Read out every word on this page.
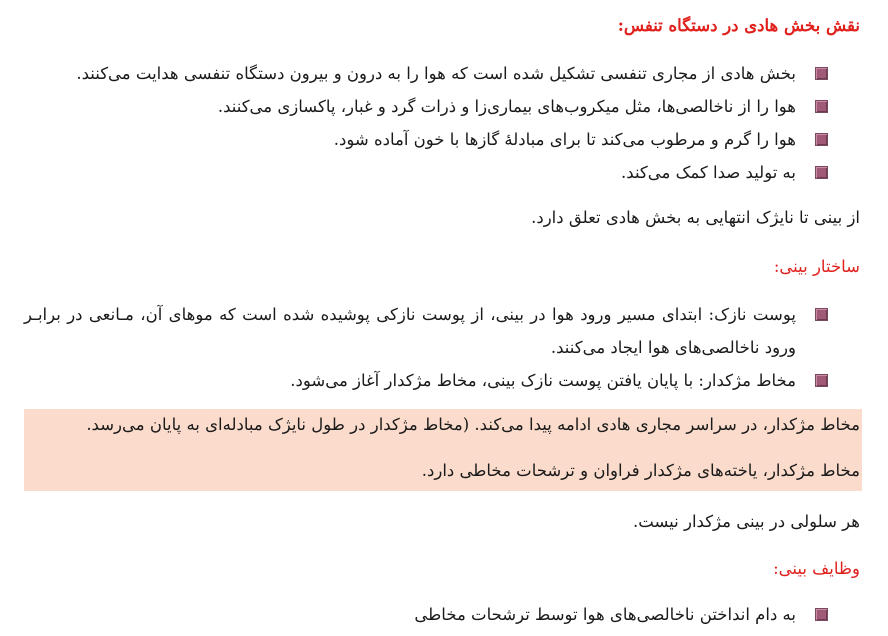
نقش بخش هادی در دستگاه تنفس:
بخش هادی از مجاری تنفسی تشکیل شده است که هوا را به درون و بیرون دستگاه تنفسی هدایت می‌کنند.
هوا را از ناخالصی‌ها، مثل میکروب‌های بیماری‌زا و ذرات گرد و غبار، پاکسازی می‌کنند.
هوا را گرم و مرطوب می‌کند تا برای مبادلهٔ گازها با خون آماده شود.
به تولید صدا کمک می‌کند.
از بینی تا نایژک انتهایی به بخش هادی تعلق دارد.
ساختار بینی:
پوست نازک: ابتدای مسیر ورود هوا در بینی، از پوست نازکی پوشیده شده است که موهای آن، مـانعی در برابـر ورود ناخالصی‌های هوا ایجاد می‌کنند.
مخاط مژکدار: با پایان یافتن پوست نازک بینی، مخاط مژکدار آغاز می‌شود.
مخاط مژکدار، در سراسر مجاری هادی ادامه پیدا می‌کند. (مخاط مژکدار در طول نایژک مبادله‌ای به پایان می‌رسد.
مخاط مژکدار، یاخته‌های مژکدار فراوان و ترشحات مخاطی دارد.
هر سلولی در بینی مژکدار نیست.
وظایف بینی:
به دام انداختن ناخالصی‌های هوا توسط ترشحات مخاطی
